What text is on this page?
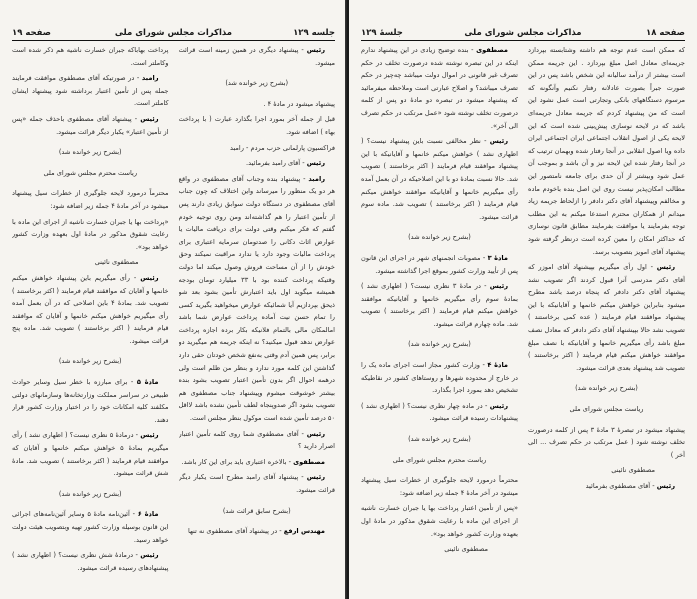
جلسه ۱۲۹
مذاکرات مجلس شورای ملی
صفحه ۱۹

رئیس - پیشنهاد دیگری در همین زمینه است قرائت میشود.

(بشرح زیر خوانده شد)

پیشنهاد میشود در مادهٔ ۴ .

قبل از جمله آخر بمورد اجرا بگذارد عبارت ( با پرداخت بهاء ) اضافه شود.

فراکسیون پارلمانی حزب مردم - رامبد

رئیس - آقای رامبد بفرمائید.

رامبد - پیشنهاد بنده وجناب آقای مصطفوی در واقع هر دو یک منظور را میرساند واین اختلاف که چون جناب آقای مصطفوی در دستگاه دولت سوابق زیادی دارند پس از تأمین اعتبار را هم گذاشته‌اند ومن روی توجیه خودم گفتم که فکر میکنم وقتی دولت برای دریافت مالیات یا عوارض اثاث دکانی را صدتومان سرمایه اعتباری برای پرداخت مالیات وجود دارد یا ندارد مراقبت نمیکند وحق خودش را از آن مساحت فروش وصول میکند اما دولت وقتیکه پرداخت کننده بود با ۳۳ میلیارد تومان بودجه همیشه میگوید اول باید اعتبارش تأمین بشود بعد شو ذیحق بپردازیم آیا شمائیکه عوارض میخواهید بگیرید کسی را تمام حسن نیت آماده پرداخت عوارض شما باشد امالمکان مالی بالتمام فلانیکه بکار برده اجازه پرداخت عوارض ندهد قبول میکنید؟ نه اینکه جریمه هم میگیرید دو برابر، پس همین آدم وقتی به‌نفع شخص خودتان حقی دارد گذاشتن این کلمه مورد ندارد و بنظر من ظلم است ولی درهمه احوال اگر بدون تأمین اعتبار تصویب بشود بنده بیشتر خوشوقت میشوم وپیشنهاد جناب مصطفوی هم تصویب بشود اگر صدوپنجاه لطف تأمین نشده باشد لااقل ۵۰ درصد تأمین شده است موکول بنظر مجلس است.

رئیس - آقای مصطفوی شما روی کلمه تأمین اعتبار اصرار دارید ؟

مصطفوی - بالاخره اعتباری باید برای این کار باشد.

رئیس - پیشنهاد آقای رامبد مطرح است یکبار دیگر قرائت میشود.

(بشرح سابق قرائت شد)

مهندس ارفع - در پیشنهاد آقای مصطفوی نه تنها

پرداخت بهاباکه جبران خسارت ناشیه هم ذکر شده است وکاملتر است.

رامبد - در صورتیکه آقای مصطفوی موافقت فرمایند جمله پس از تأمین اعتبار برداشته شود پیشنهاد ایشان کاملتر است.

رئیس - پیشنهاد آقای مصطفوی باحذف جمله «پس از تأمین اعتبار» یکبار دیگر قرائت میشود.

(بشرح زیر خوانده شد)

ریاست محترم مجلس شورای ملی

محترماً درمورد لایحه جلوگیری از خطرات سیل پیشنهاد میشود در آخر مادهٔ ۴ جمله زیر اضافه شود:

«پرداخت بها یا جبران خسارت ناشیه از اجرای این ماده با رعایت شقوق مذکور در مادهٔ اول بعهده وزارت کشور خواهد بود».

مصطفوی نائینی

رئیس - رأی میگیریم باین پیشنهاد خواهش میکنم خانمها و آقایان که موافقند قیام فرمایند ( اکثر برخاستند ) تصویب شد. بمادهٔ ۴ باین اصلاحی که در آن بعمل آمده رأی میگیریم خواهش میکنم خانمها و آقایان که موافقند قیام فرمایند ( اکثر برخاستند ) تصویب شد. ماده پنج قرائت میشود.

(بشرح زیر خوانده شد)

مادهٔ ۵ - برای مبارزه با خطر سیل وسایر حوادث طبیعی در سراسر مملکت وزارتخانه‌ها وسازمانهای دولتی مکلفند کلیه امکانات خود را در اختیار وزارت کشور قرار دهند.

رئیس - درمادهٔ ۵ نظری نیست؟ ( اظهاری نشد ) رأی میگیریم بمادهٔ ۵ خواهش میکنم خانمها و آقایان که موافقند قیام فرمایند ( اکثر برخاستند ) تصویب شد. مادهٔ شش قرائت میشود.

(بشرح زیر خوانده شد)

مادهٔ ۶ - آئین‌نامه مادهٔ ۵ وسایر آئین‌نامه‌های اجرائی این قانون بوسیله وزارت کشور تهیه وبتصویب هیئت دولت خواهد رسید.

رئیس - درمادهٔ شش نظری نیست؟ ( اظهاری نشد ) پیشنهادهای رسیده قرائت میشود.

صفحه ۱۸
مذاکرات مجلس شورای ملی
جلسهٔ ۱۲۹

که ممکن است عدم توجه هم داشته وشتابسته بپردازد جریمه‌ای معادل اصل مبلغ بپردازد . این جریمه ممکن است بیشتر از درآمد سالیانه این شخص باشد پس در این صورت جبراً بصورت عادلانه رفتار نکنیم وآنگونه که مرسوم دستگاههای بانکی وتجارتی است عمل نشود این است که من پیشنهاد کردم که جریمه معادل جریمه‌ای باشد که در لایحه نوسازی پیش‌بینی شده است که این لایحه یکی از اصول انقلاب اجتماعی ایران اجتماعی ایران داده ویا اصول انقلابی در آنجا رفتار شده وبهمان ترتیب که در آنجا رفتار شده این لایحه نیز و آن باشد و بموجب آن عمل شود وبیشتر از آن حدی برای جامعه نامتصور این مطالب امکان‌پذیر نیست روی این اصل بنده باخودم ماده و مخالفم وپیشنهاد آقای دکتر دادفر را ازلحاظ جریمه زیاد میدانم از همکاران محترم استدعا میکنم به این مطلب توجه بفرمایند یا موافقت بفرمایند مطابق قانون نوسازی که حداکثر امکان را معین کرده است درنظر گرفته شود پیشنهاد آقای امویز بتصویب برسد.

رئیس - اول رأی میگیریم بپیشنهاد آقای اموزر که آقای دکتر مدرسی آنرا قبول کردند اگر تصویب نشد پیشنهاد آقای دکتر دادفر که پنجاه درصد باشد مطرح میشود بنابراین خواهش میکنم خانمها و آقایانیکه با این پیشنهاد موافقند قیام فرمایند ( عده کمی برخاستند ) تصویب نشد حالا بپیشنهاد آقای دکتر دادفر که معادل نصف مبلغ باشد رأی میگیریم خانمها و آقایانیکه با نصف مبلغ موافقند خواهش میکنم قیام فرمایند ( اکثر برخاستند ) تصویب شد پیشنهاد بعدی قرائت میشود.

(بشرح زیر خوانده شد)

ریاست مجلس شورای ملی

پیشنهاد میشود در تبصرهٔ ۳ مادهٔ ۳ پس از کلمه درصورت تخلف نوشته شود ( عمل مرتکب در حکم تصرف ... الی آخر )

مصطفوی نائینی

رئیس - آقای مصطفوی بفرمائید

مصطفوی - بنده توضیح زیادی در این پیشنهاد ندارم اینکه در این تبصره نوشته شده درصورت تخلف در حکم تصرف غیر قانونی در اموال دولت میباشد چه‌چیز در حکم تصرف میباشد؟ و اصلاح عبارتی است وملاحظه میفرمائید که پیشنهاد میشود در تبصره دو مادهٔ دو پس از کلمه درصورت تخلف نوشته شود «عمل مرتکب در حکم تصرف الی آخر».

رئیس - نظر مخالفی نسبت باین پیشنهاد نیست؟ ( اظهاری نشد ) خواهش میکنم خانمها و آقایانیکه با این پیشنهاد موافقند قیام فرمایند ( اکثر برخاستند ) تصویب شد. حالا نسبت بمادهٔ دو با این اصلاحیکه در آن بعمل آمده رأی میگیریم خانمها و آقایانیکه موافقند خواهش میکنم قیام فرمایند ( اکثر برخاستند ) تصویب شد. ماده سوم قرائت میشود.

(بشرح زیر خوانده شد)

مادهٔ ۳ - مصوبات انجمنهای شهر در اجرای این قانون پس از تأیید وزارت کشور بموقع اجرا گذاشته میشود.

رئیس - در مادهٔ ۳ نظری نیست؟ ( اظهاری نشد ) بمادهٔ سوم رأی میگیریم خانمها و آقایانیکه موافقند خواهش میکنم قیام فرمایند ( اکثر برخاستند ) تصویب شد. ماده چهارم قرائت میشود.

(بشرح زیر خوانده شد)

مادهٔ ۴ - وزارت کشور مجاز است اجرای ماده یک را در خارج از محدوده شهرها و روستاهای کشور در نقاطیکه تشخیص دهد بمورد اجرا بگذارد.

رئیس - در ماده چهار نظری نیست؟ ( اظهاری نشد ) پیشنهادات رسیده قرائت میشود.

(بشرح زیر خوانده شد)

ریاست محترم مجلس شورای ملی

محترماً درمورد لایحه جلوگیری از خطرات سیل پیشنهاد میشود در آخر مادهٔ ۴ جمله زیر اضافه شود:

«پس از تأمین اعتبار پرداخت بها یا جبران خسارت ناشیه از اجرای این ماده با رعایت شقوق مذکور در مادهٔ اول بعهده وزارت کشور خواهد بود».

مصطفوی نائینی
